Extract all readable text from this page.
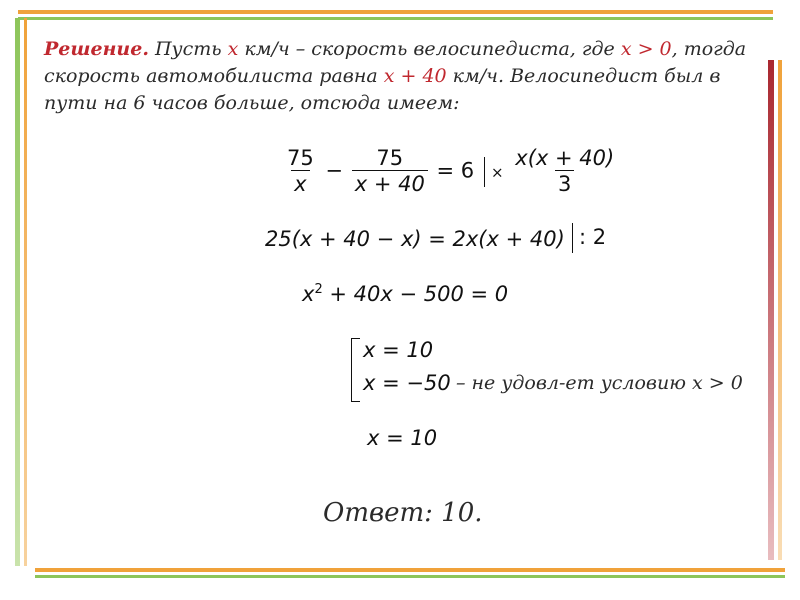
Решение. Пусть х км/ч – скорость велосипедиста, где х > 0, тогда скорость автомобилиста равна х + 40 км/ч. Велосипедист был в пути на 6 часов больше, отсюда имеем:
$\frac{75}{x} - \frac{75}{x + 40} = 6$	× $\frac{x(x + 40)}{3}$
25(x + 40 − x) = 2x(x + 40) : 2
$x^2 + 40x - 500 = 0$
x = 10
x = −50 – не удовл-ет условию х > 0
x = 10
Ответ: 10.
